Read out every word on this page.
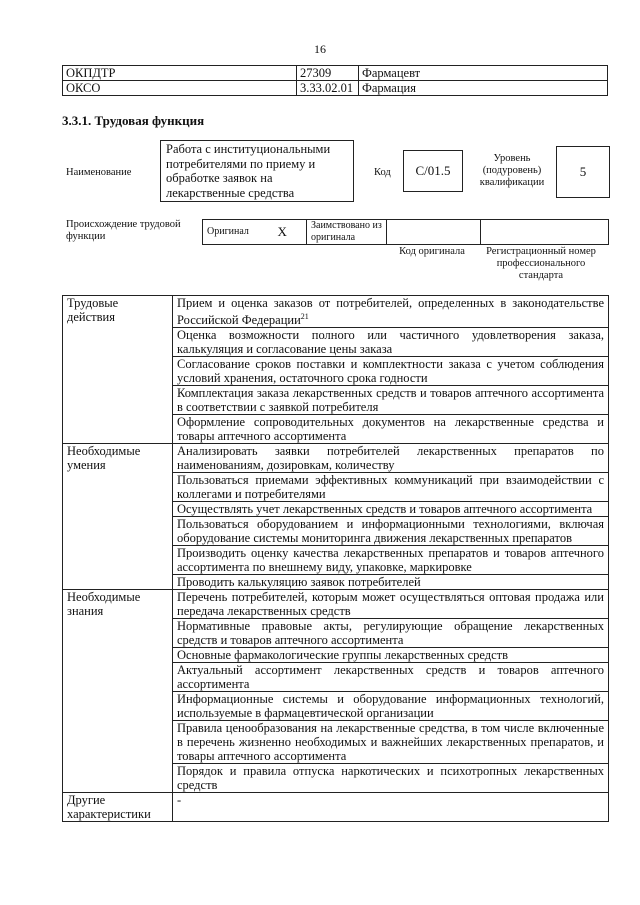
16
ОКПДТР	27309	Фармацевт
ОКСО	3.33.02.01	Фармация
3.3.1. Трудовая функция
Наименование
Работа с институциональными потребителями по приему и обработке заявок на лекарственные средства
Код	C/01.5
Уровень (подуровень) квалификации
5
Происхождение трудовой функции	Оригинал	X	Заимствовано из оригинала		
Код оригинала	Регистрационный номер профессионального стандарта
Трудовые действия	Прием и оценка заказов от потребителей, определенных в законодательстве Российской Федерации$^{21}$
	Оценка возможности полного или частичного удовлетворения заказа, калькуляция и согласование цены заказа
	Согласование сроков поставки и комплектности заказа с учетом соблюдения условий хранения, остаточного срока годности
	Комплектация заказа лекарственных средств и товаров аптечного ассортимента в соответствии с заявкой потребителя
	Оформление сопроводительных документов на лекарственные средства и товары аптечного ассортимента
Необходимые умения	Анализировать заявки потребителей лекарственных препаратов по наименованиям, дозировкам, количеству
	Пользоваться приемами эффективных коммуникаций при взаимодействии с коллегами и потребителями
	Осуществлять учет лекарственных средств и товаров аптечного ассортимента
	Пользоваться оборудованием и информационными технологиями, включая оборудование системы мониторинга движения лекарственных препаратов
	Производить оценку качества лекарственных препаратов и товаров аптечного ассортимента по внешнему виду, упаковке, маркировке
	Проводить калькуляцию заявок потребителей
Необходимые знания	Перечень потребителей, которым может осуществляться оптовая продажа или передача лекарственных средств
	Нормативные правовые акты, регулирующие обращение лекарственных средств и товаров аптечного ассортимента
	Основные фармакологические группы лекарственных средств
	Актуальный ассортимент лекарственных средств и товаров аптечного ассортимента
	Информационные системы и оборудование информационных технологий, используемые в фармацевтической организации
	Правила ценообразования на лекарственные средства, в том числе включенные в перечень жизненно необходимых и важнейших лекарственных препаратов, и товары аптечного ассортимента
	Порядок и правила отпуска наркотических и психотропных лекарственных средств
Другие характеристики	-
